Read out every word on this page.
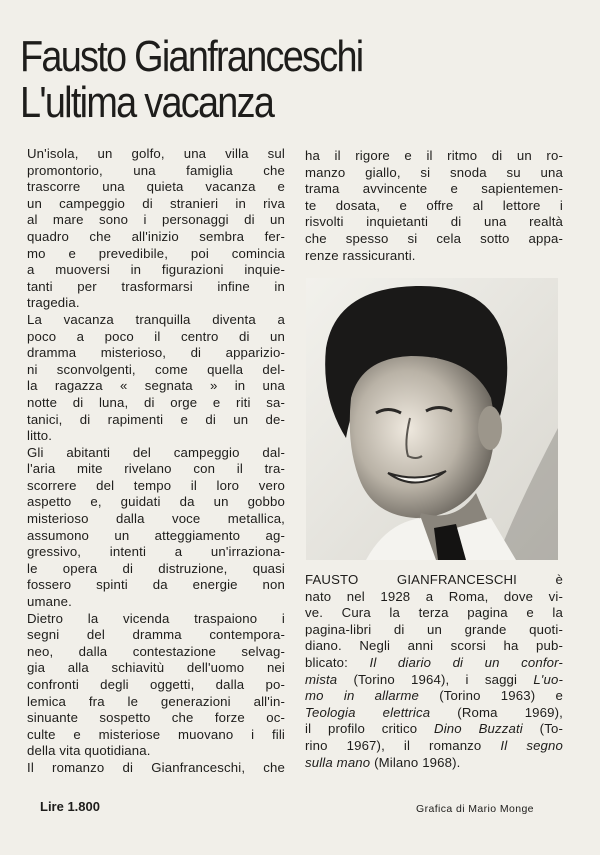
Fausto Gianfranceschi
L'ultima vacanza
Un'isola, un golfo, una villa sul
promontorio, una famiglia che
trascorre una quieta vacanza e
un campeggio di stranieri in riva
al mare sono i personaggi di un
quadro che all'inizio sembra fer-
mo e prevedibile, poi comincia
a muoversi in figurazioni inquie-
tanti per trasformarsi infine in
tragedia.
La vacanza tranquilla diventa a
poco a poco il centro di un
dramma misterioso, di apparizio-
ni sconvolgenti, come quella del-
la ragazza « segnata » in una
notte di luna, di orge e riti sa-
tanici, di rapimenti e di un de-
litto.
Gli abitanti del campeggio dal-
l'aria mite rivelano con il tra-
scorrere del tempo il loro vero
aspetto e, guidati da un gobbo
misterioso dalla voce metallica,
assumono un atteggiamento ag-
gressivo, intenti a un'irraziona-
le opera di distruzione, quasi
fossero spinti da energie non
umane.
Dietro la vicenda traspaiono i
segni del dramma contempora-
neo, dalla contestazione selvag-
gia alla schiavitù dell'uomo nei
confronti degli oggetti, dalla po-
lemica fra le generazioni all'in-
sinuante sospetto che forze oc-
culte e misteriose muovano i fili
della vita quotidiana.
Il romanzo di Gianfranceschi, che
ha il rigore e il ritmo di un ro-
manzo giallo, si snoda su una
trama avvincente e sapientemen-
te dosata, e offre al lettore i
risvolti inquietanti di una realtà
che spesso si cela sotto appa-
renze rassicuranti.
FAUSTO GIANFRANCESCHI è
nato nel 1928 a Roma, dove vi-
ve. Cura la terza pagina e la
pagina-libri di un grande quoti-
diano. Negli anni scorsi ha pub-
blicato: Il diario di un confor-
mista (Torino 1964), i saggi L'uo-
mo in allarme (Torino 1963) e
Teologia elettrica (Roma 1969),
il profilo critico Dino Buzzati (To-
rino 1967), il romanzo Il segno
sulla mano (Milano 1968).
Lire 1.800	Grafica di Mario Monge
